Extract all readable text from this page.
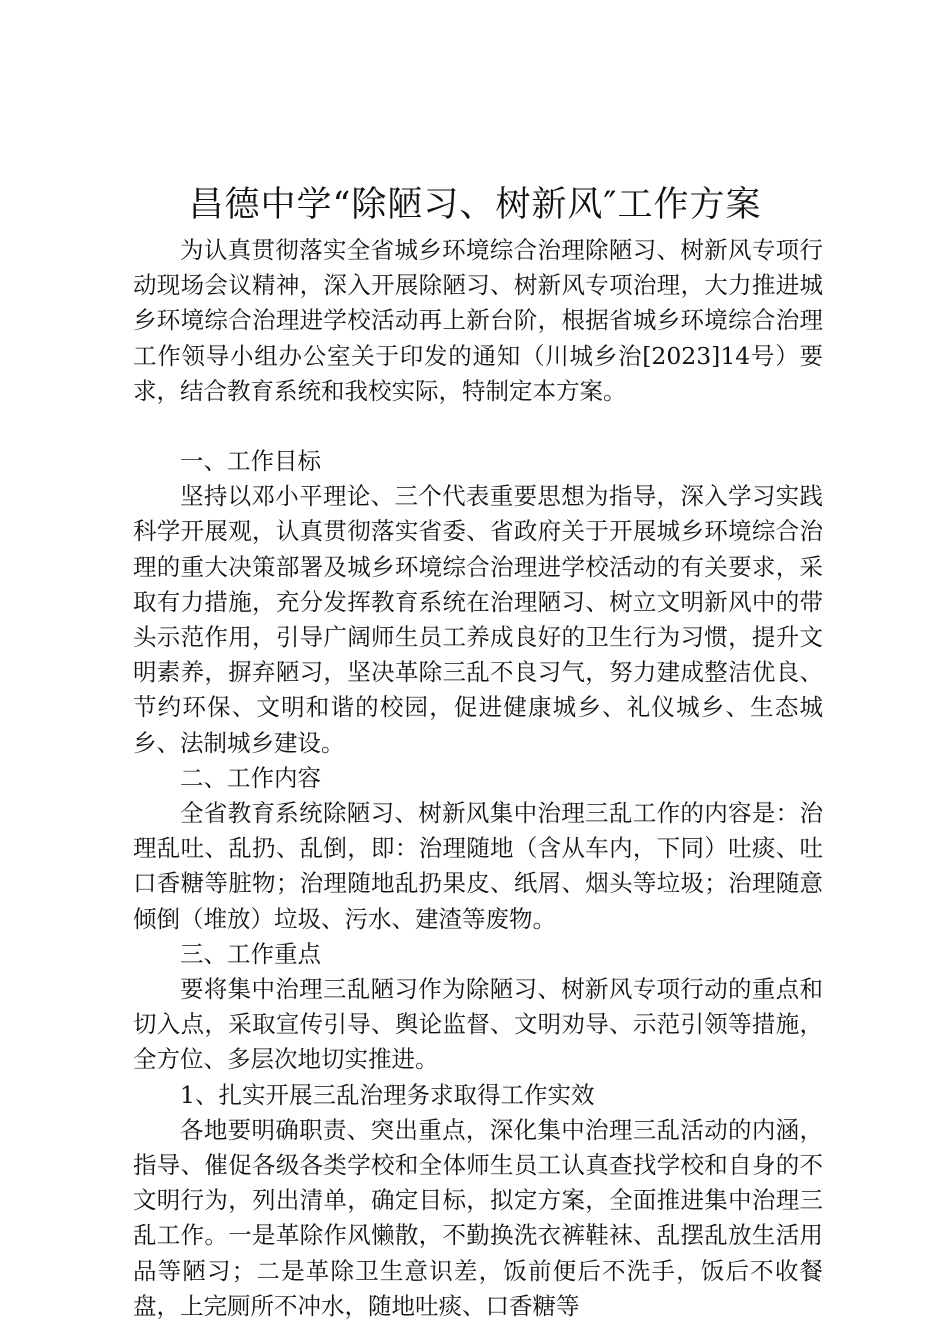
昌德中学“除陋习、树新风″工作方案

为认真贯彻落实全省城乡环境综合治理除陋习、树新风专项行动现场会议精神，深入开展除陋习、树新风专项治理，大力推进城乡环境综合治理进学校活动再上新台阶，根据省城乡环境综合治理工作领导小组办公室关于印发的通知（川城乡治[2023]14号）要求，结合教育系统和我校实际，特制定本方案。

一、工作目标

坚持以邓小平理论、三个代表重要思想为指导，深入学习实践科学开展观，认真贯彻落实省委、省政府关于开展城乡环境综合治理的重大决策部署及城乡环境综合治理进学校活动的有关要求，采取有力措施，充分发挥教育系统在治理陋习、树立文明新风中的带头示范作用，引导广阔师生员工养成良好的卫生行为习惯，提升文明素养，摒弃陋习，坚决革除三乱不良习气，努力建成整洁优良、节约环保、文明和谐的校园，促进健康城乡、礼仪城乡、生态城乡、法制城乡建设。

二、工作内容

全省教育系统除陋习、树新风集中治理三乱工作的内容是：治理乱吐、乱扔、乱倒，即：治理随地（含从车内，下同）吐痰、吐口香糖等脏物；治理随地乱扔果皮、纸屑、烟头等垃圾；治理随意倾倒（堆放）垃圾、污水、建渣等废物。

三、工作重点

要将集中治理三乱陋习作为除陋习、树新风专项行动的重点和切入点，采取宣传引导、舆论监督、文明劝导、示范引领等措施，全方位、多层次地切实推进。

1、扎实开展三乱治理务求取得工作实效

各地要明确职责、突出重点，深化集中治理三乱活动的内涵，指导、催促各级各类学校和全体师生员工认真查找学校和自身的不文明行为，列出清单，确定目标，拟定方案，全面推进集中治理三乱工作。一是革除作风懒散，不勤换洗衣裤鞋袜、乱摆乱放生活用品等陋习；二是革除卫生意识差，饭前便后不洗手，饭后不收餐盘，上完厕所不冲水，随地吐痰、口香糖等
